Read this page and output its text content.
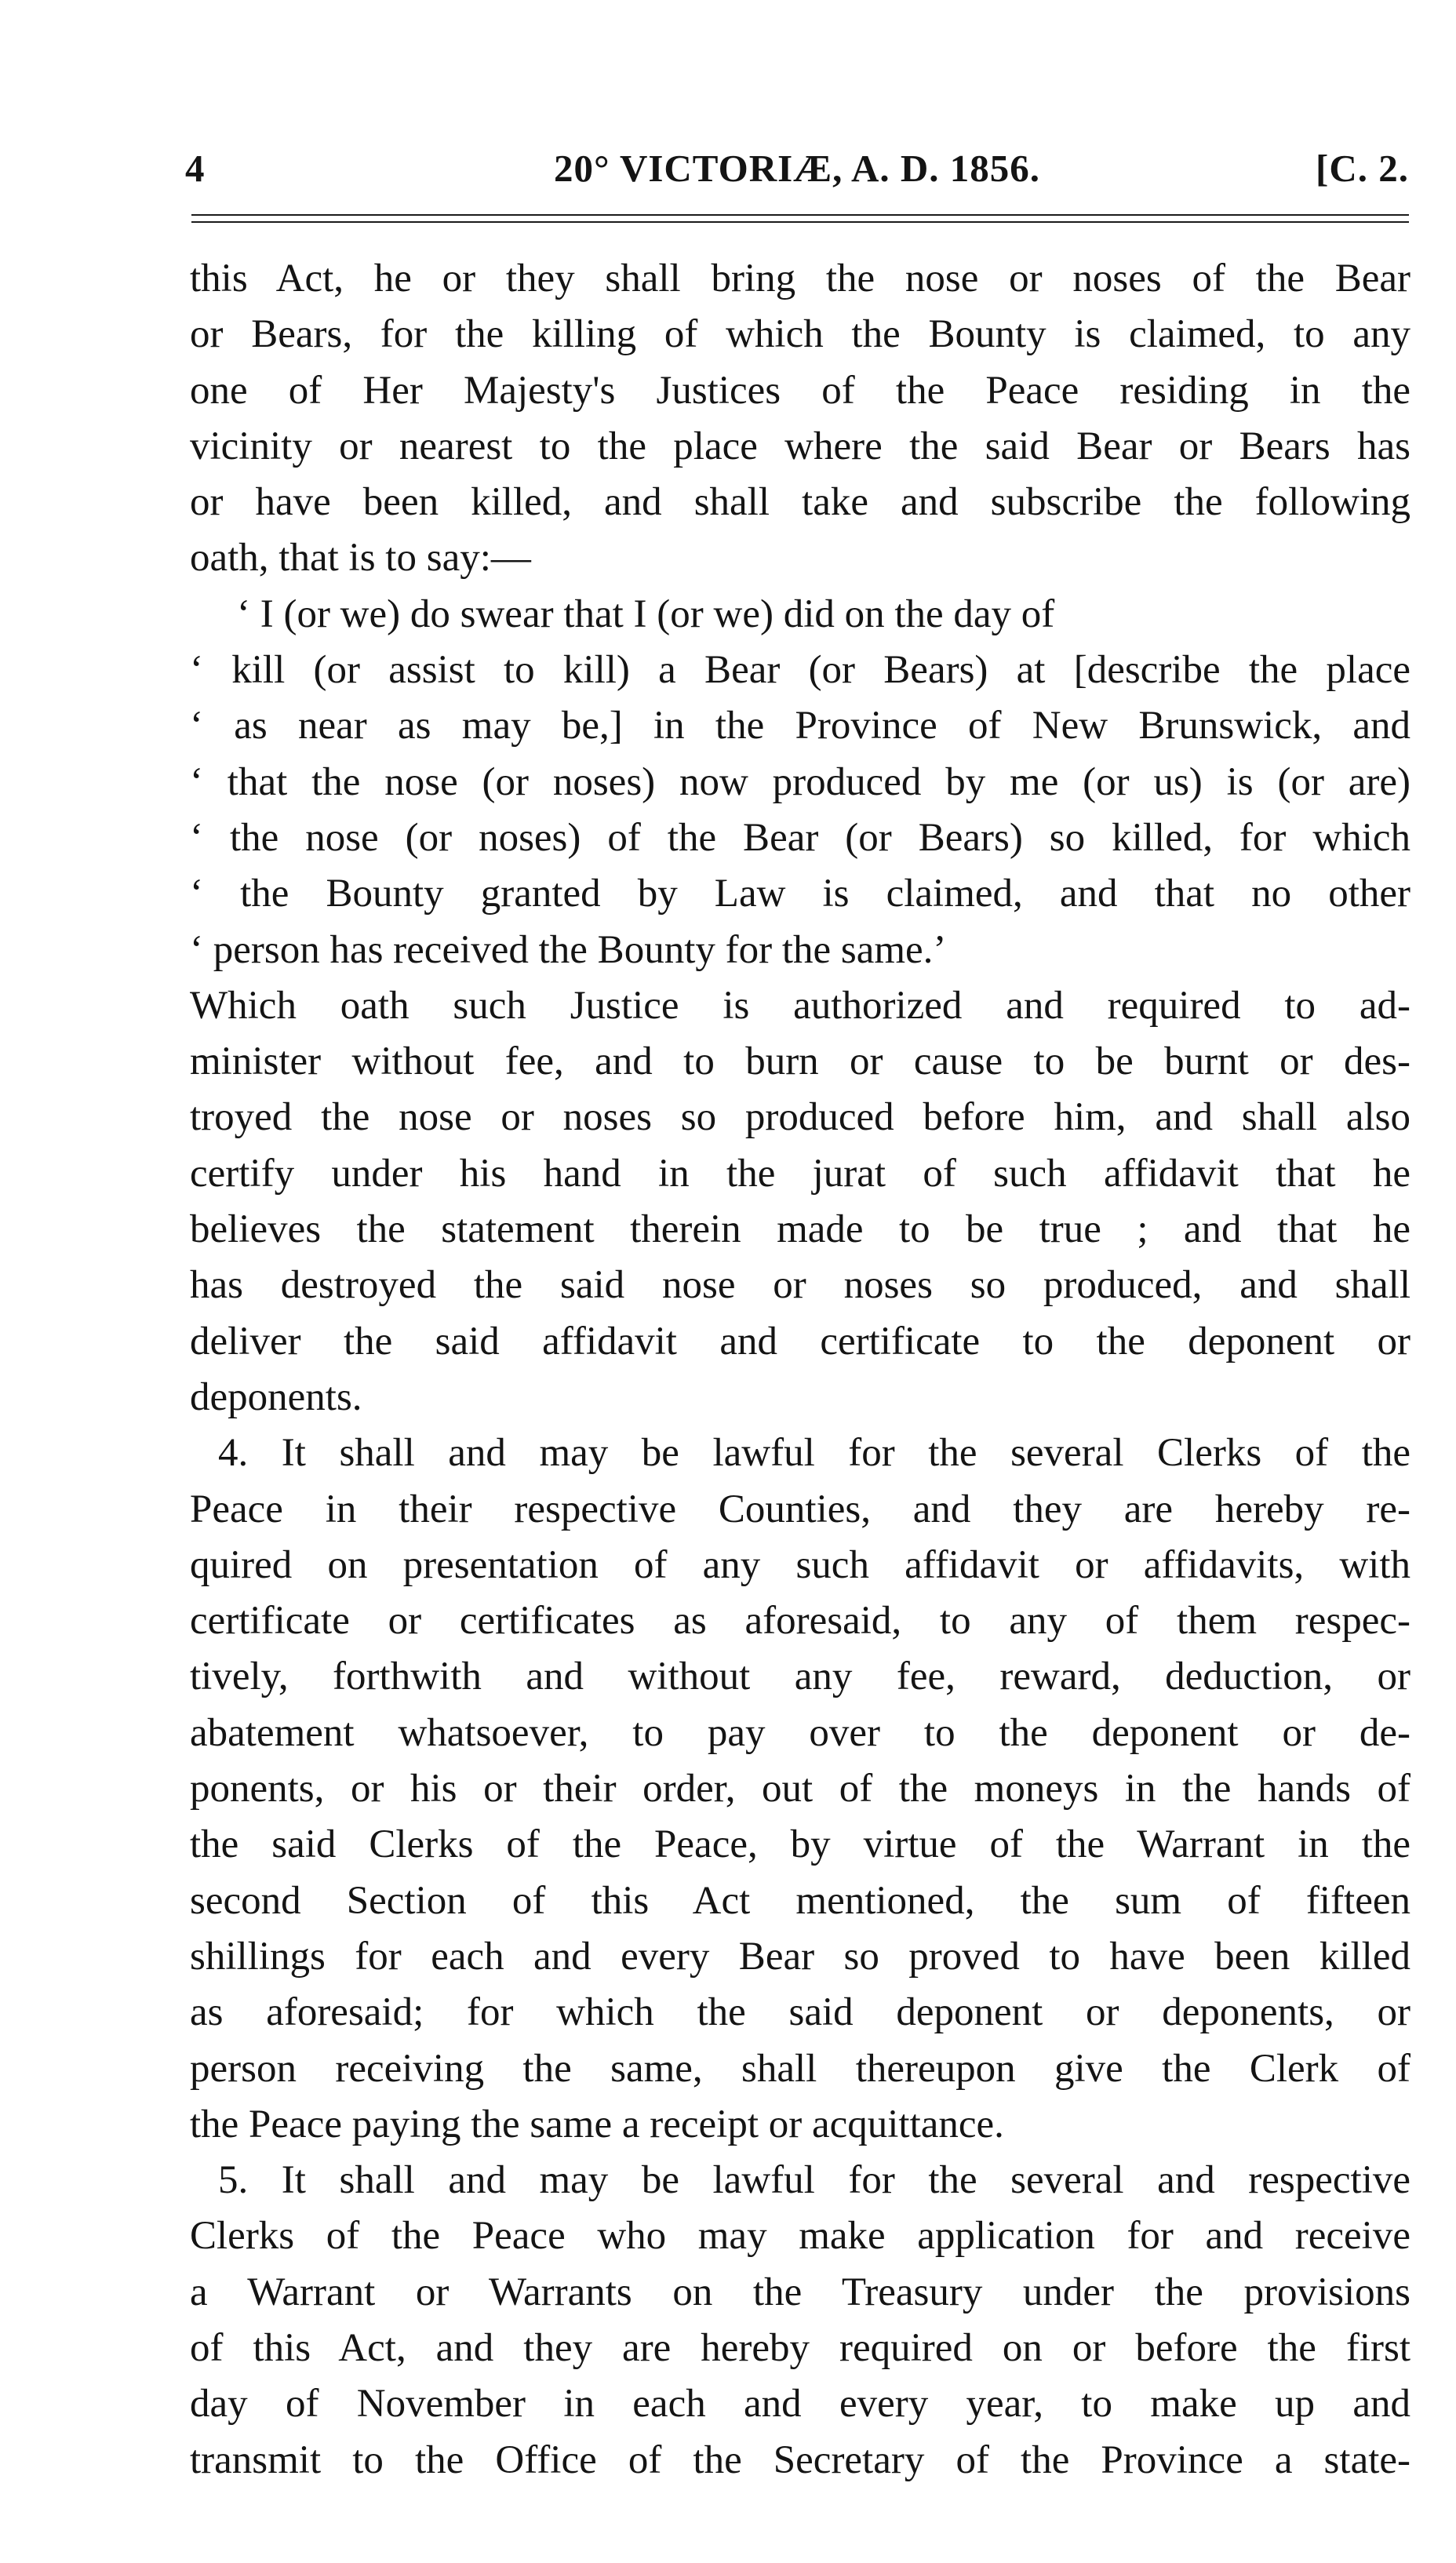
4	20° VICTORIÆ, A. D. 1856.	[C. 2.
this Act, he or they shall bring the nose or noses of the Bear
or Bears, for the killing of which the Bounty is claimed, to any
one of Her Majesty's Justices of the Peace residing in the
vicinity or nearest to the place where the said Bear or Bears has
or have been killed, and shall take and subscribe the following
oath, that is to say:—
‘ I (or we) do swear that I (or we) did on the day of
‘ kill (or assist to kill) a Bear (or Bears) at [describe the place
‘ as near as may be,] in the Province of New Brunswick, and
‘ that the nose (or noses) now produced by me (or us) is (or are)
‘ the nose (or noses) of the Bear (or Bears) so killed, for which
‘ the Bounty granted by Law is claimed, and that no other
‘ person has received the Bounty for the same.’
Which oath such Justice is authorized and required to ad-
minister without fee, and to burn or cause to be burnt or des-
troyed the nose or noses so produced before him, and shall also
certify under his hand in the jurat of such affidavit that he
believes the statement therein made to be true ; and that he
has destroyed the said nose or noses so produced, and shall
deliver the said affidavit and certificate to the deponent or
deponents.
4. It shall and may be lawful for the several Clerks of the
Peace in their respective Counties, and they are hereby re-
quired on presentation of any such affidavit or affidavits, with
certificate or certificates as aforesaid, to any of them respec-
tively, forthwith and without any fee, reward, deduction, or
abatement whatsoever, to pay over to the deponent or de-
ponents, or his or their order, out of the moneys in the hands of
the said Clerks of the Peace, by virtue of the Warrant in the
second Section of this Act mentioned, the sum of fifteen
shillings for each and every Bear so proved to have been killed
as aforesaid; for which the said deponent or deponents, or
person receiving the same, shall thereupon give the Clerk of
the Peace paying the same a receipt or acquittance.
5. It shall and may be lawful for the several and respective
Clerks of the Peace who may make application for and receive
a Warrant or Warrants on the Treasury under the provisions
of this Act, and they are hereby required on or before the first
day of November in each and every year, to make up and
transmit to the Office of the Secretary of the Province a state-
